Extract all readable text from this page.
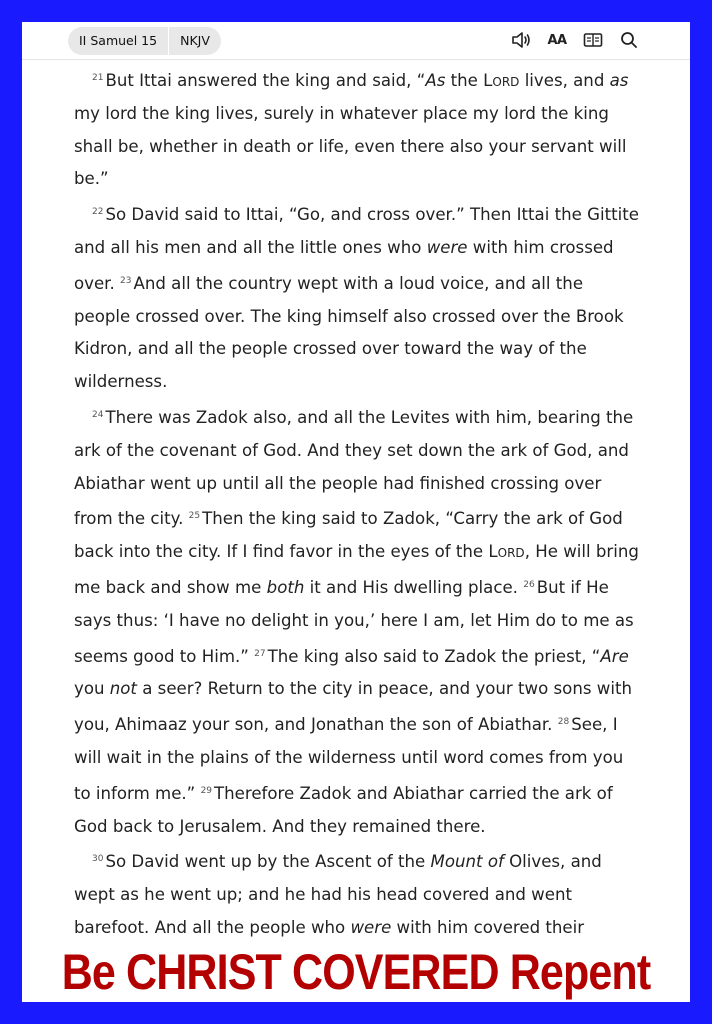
II Samuel 15	NKJV	AA

$^{21}$ But Ittai answered the king and said, “As the Lord lives, and as my lord the king lives, surely in whatever place my lord the king shall be, whether in death or life, even there also your servant will be.”

$^{22}$ So David said to Ittai, “Go, and cross over.” Then Ittai the Gittite and all his men and all the little ones who were with him crossed over. $^{23}$ And all the country wept with a loud voice, and all the people crossed over. The king himself also crossed over the Brook Kidron, and all the people crossed over toward the way of the wilderness.

$^{24}$ There was Zadok also, and all the Levites with him, bearing the ark of the covenant of God. And they set down the ark of God, and Abiathar went up until all the people had finished crossing over from the city. $^{25}$ Then the king said to Zadok, “Carry the ark of God back into the city. If I find favor in the eyes of the Lord, He will bring me back and show me both it and His dwelling place. $^{26}$ But if He says thus: ‘I have no delight in you,’ here I am, let Him do to me as seems good to Him.” $^{27}$ The king also said to Zadok the priest, “Are you not a seer? Return to the city in peace, and your two sons with you, Ahimaaz your son, and Jonathan the son of Abiathar. $^{28}$ See, I will wait in the plains of the wilderness until word comes from you to inform me.” $^{29}$ Therefore Zadok and Abiathar carried the ark of God back to Jerusalem. And they remained there.

$^{30}$ So David went up by the Ascent of the Mount of Olives, and wept as he went up; and he had his head covered and went barefoot. And all the people who were with him covered their

Be CHRIST COVERED Repent
